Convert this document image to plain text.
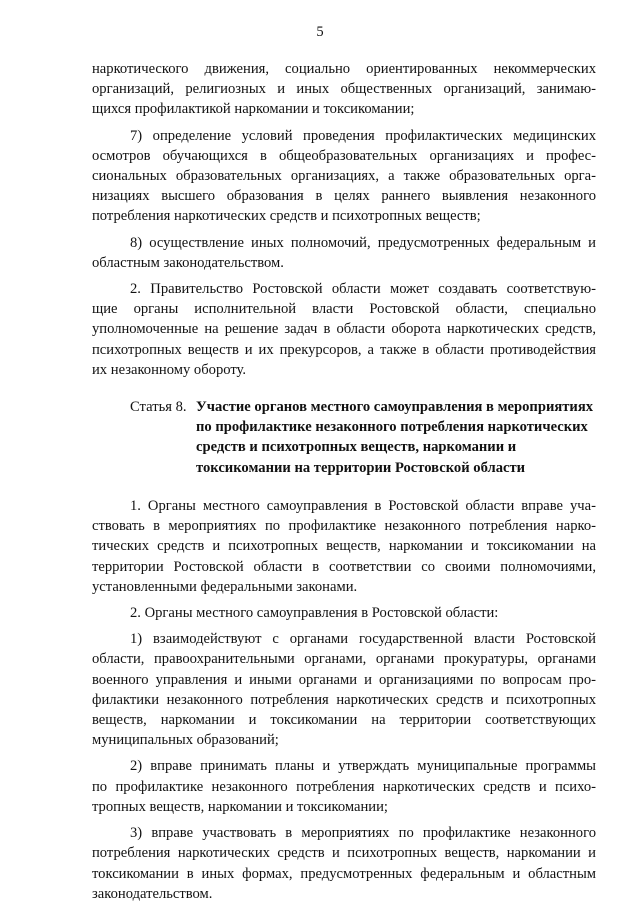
5
наркотического движения, социально ориентированных некоммерческих
организаций, религиозных и иных общественных организаций, занимаю-
щихся профилактикой наркомании и токсикомании;
7) определение условий проведения профилактических медицинских
осмотров обучающихся в общеобразовательных организациях и профес-
сиональных образовательных организациях, а также образовательных орга-
низациях высшего образования в целях раннего выявления незаконного
потребления наркотических средств и психотропных веществ;
8) осуществление иных полномочий, предусмотренных федеральным и
областным законодательством.
2. Правительство Ростовской области может создавать соответствую-
щие органы исполнительной власти Ростовской области, специально
уполномоченные на решение задач в области оборота наркотических средств,
психотропных веществ и их прекурсоров, а также в области противодействия
их незаконному обороту.
Статья 8. Участие органов местного самоуправления в мероприятиях
по профилактике незаконного потребления наркотических
средств и психотропных веществ, наркомании и
токсикомании на территории Ростовской области
1. Органы местного самоуправления в Ростовской области вправе уча-
ствовать в мероприятиях по профилактике незаконного потребления нарко-
тических средств и психотропных веществ, наркомании и токсикомании на
территории Ростовской области в соответствии со своими полномочиями,
установленными федеральными законами.
2. Органы местного самоуправления в Ростовской области:
1) взаимодействуют с органами государственной власти Ростовской
области, правоохранительными органами, органами прокуратуры, органами
военного управления и иными органами и организациями по вопросам про-
филактики незаконного потребления наркотических средств и психотропных
веществ, наркомании и токсикомании на территории соответствующих
муниципальных образований;
2) вправе принимать планы и утверждать муниципальные программы
по профилактике незаконного потребления наркотических средств и психо-
тропных веществ, наркомании и токсикомании;
3) вправе участвовать в мероприятиях по профилактике незаконного
потребления наркотических средств и психотропных веществ, наркомании и
токсикомании в иных формах, предусмотренных федеральным и областным
законодательством.
